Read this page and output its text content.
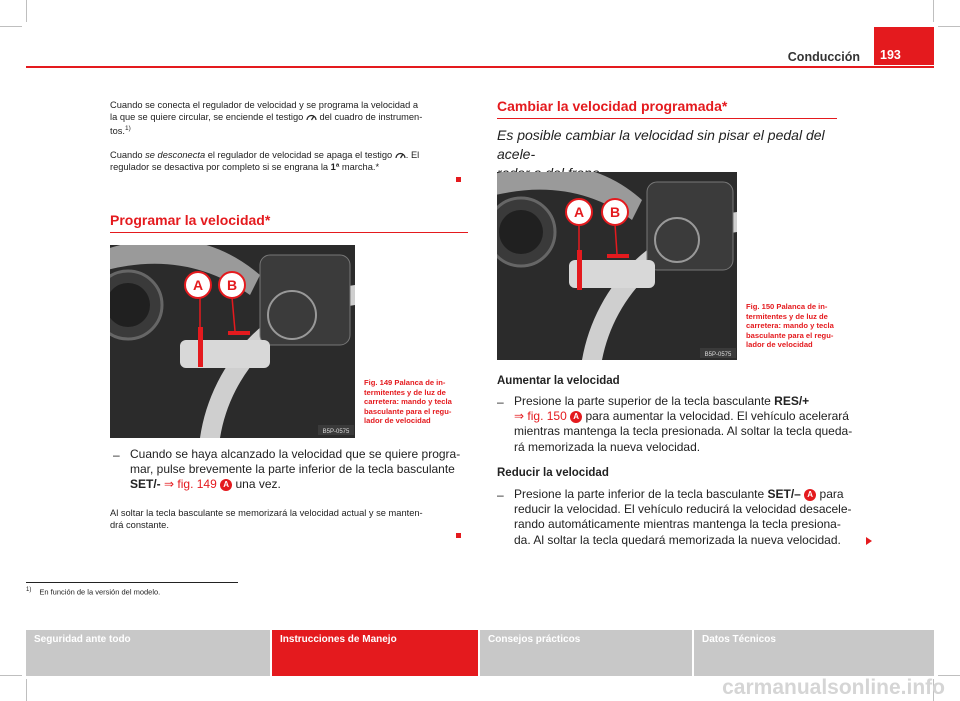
Conducción	193
Cuando se conecta el regulador de velocidad y se programa la velocidad a
la que se quiere circular, se enciende el testigo  del cuadro de instrumen-
tos.$^{1)}$
Cuando se desconecta el regulador de velocidad se apaga el testigo . El
regulador se desactiva por completo si se engrana la 1ª marcha.*
Programar la velocidad*
A B
B5P-0575
Fig. 149 Palanca de in-
termitentes y de luz de
carretera: mando y tecla
basculante para el regu-
lador de velocidad
– Cuando se haya alcanzado la velocidad que se quiere progra-
mar, pulse brevemente la parte inferior de la tecla basculante
SET/- ⇒ fig. 149 A una vez.
Al soltar la tecla basculante se memorizará la velocidad actual y se manten-
drá constante.
Cambiar la velocidad programada*
Es posible cambiar la velocidad sin pisar el pedal del acele-
A B
B5P-0575
Fig. 150 Palanca de in-
termitentes y de luz de
carretera: mando y tecla
basculante para el regu-
lador de velocidad
Aumentar la velocidad
– Presione la parte superior de la tecla basculante RES/+
⇒ fig. 150 A para aumentar la velocidad. El vehículo acelerará
mientras mantenga la tecla presionada. Al soltar la tecla queda-
rá memorizada la nueva velocidad.
Reducir la velocidad
– Presione la parte inferior de la tecla basculante SET/– A para
reducir la velocidad. El vehículo reducirá la velocidad desacele-
rando automáticamente mientras mantenga la tecla presiona-
da. Al soltar la tecla quedará memorizada la nueva velocidad.
$^{1)}$ En función de la versión del modelo.
Seguridad ante todo	Instrucciones de Manejo	Consejos prácticos	Datos Técnicos
carmanualsonline.info
